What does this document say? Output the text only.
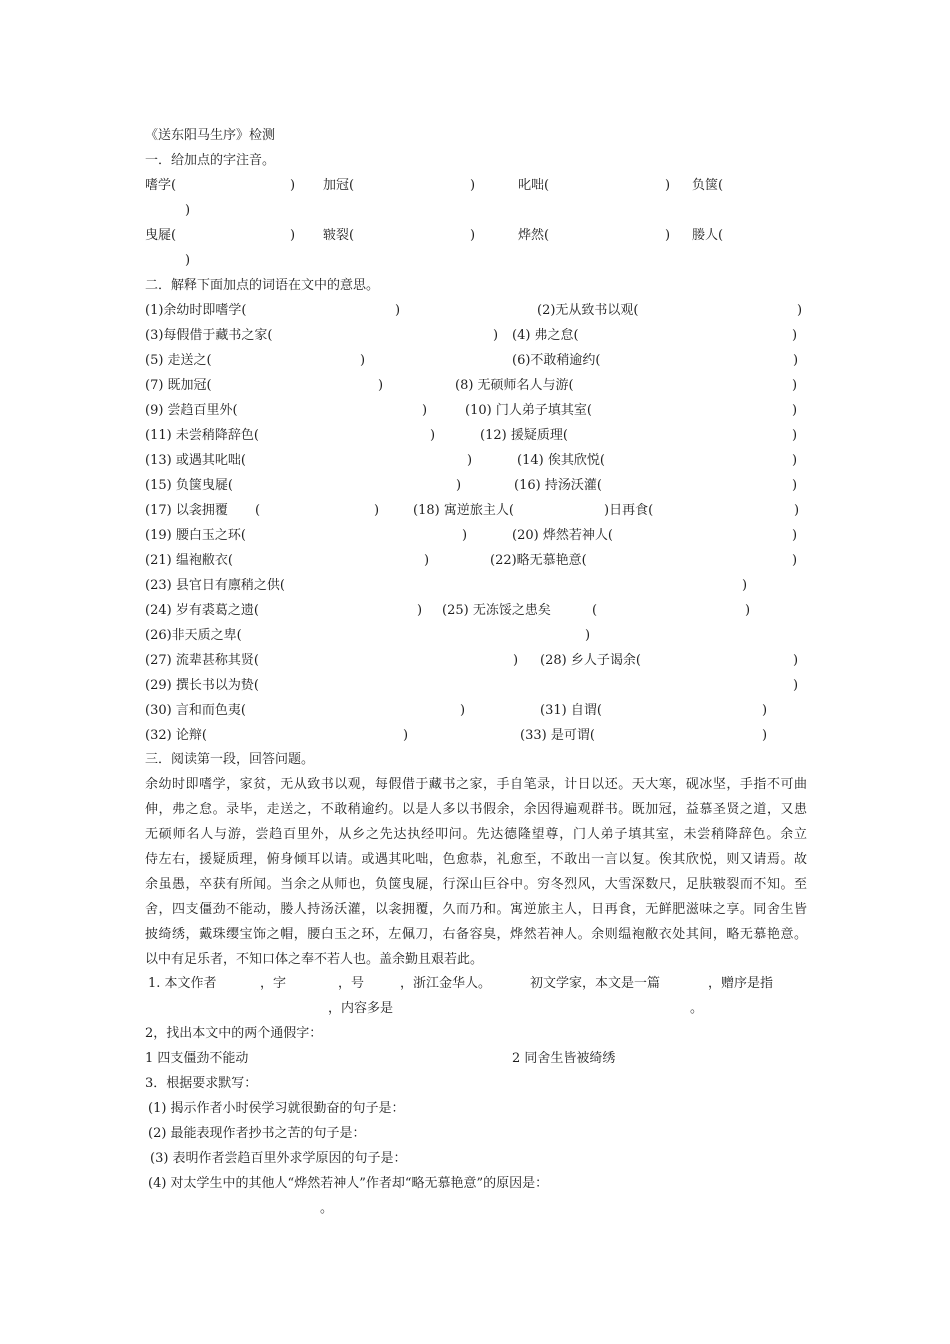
《送东阳马生序》检测
一．给加点的字注音。
嗜学(	) 加冠(	)	叱咄(	) 负箧(
)
曳屣(	) 皲裂(	)	烨然(	) 媵人(
)
二．解释下面加点的词语在文中的意思。
(1)余幼时即嗜学(	)	(2)无从致书以观(	)
(3)每假借于藏书之家(	) (4) 弗之怠(	)
(5) 走送之(	)	(6)不敢稍逾约(	)
(7) 既加冠(	)	(8) 无硕师名人与游(	)
(9) 尝趋百里外(	)	(10) 门人弟子填其室(	)
(11) 未尝稍降辞色(	)	(12) 援疑质理(	)
(13) 或遇其叱咄(	)	(14) 俟其欣悦(	)
(15) 负箧曳屣(	)	(16) 持汤沃灌(	)
(17) 以衾拥覆 (	)	(18) 寓逆旅主人(	)日再食(	)
(19) 腰白玉之环(	)	(20) 烨然若神人(	)
(21) 缊袍敝衣(	)	(22)略无慕艳意(	)
(23) 县官日有廪稍之供(	)
(24) 岁有裘葛之遗(	) (25) 无冻馁之患矣	(	)
(26)非天质之卑(	)
(27) 流辈甚称其贤(	) (28) 乡人子谒余(	)
(29) 撰长书以为贽(	)
(30) 言和而色夷(	)	(31) 自谓(	)
(32) 论辩(	)	(33) 是可谓(	)
三．阅读第一段，回答问题。
余幼时即嗜学，家贫，无从致书以观，每假借于藏书之家，手自笔录，计日以还。天大寒，砚冰坚，手指不可曲
伸，弗之怠。录毕，走送之，不敢稍逾约。以是人多以书假余，余因得遍观群书。既加冠，益慕圣贤之道，又患
无硕师名人与游，尝趋百里外，从乡之先达执经叩问。先达德隆望尊，门人弟子填其室，未尝稍降辞色。余立
侍左右，援疑质理，俯身倾耳以请。或遇其叱咄，色愈恭，礼愈至，不敢出一言以复。俟其欣悦，则又请焉。故
余虽愚，卒获有所闻。当余之从师也，负箧曳屣，行深山巨谷中。穷冬烈风，大雪深数尺，足肤皲裂而不知。至
舍，四支僵劲不能动，媵人持汤沃灌，以衾拥覆，久而乃和。寓逆旅主人，日再食，无鲜肥滋味之享。同舍生皆
披绮绣，戴珠缨宝饰之帽，腰白玉之环，左佩刀，右备容臭，烨然若神人。余则缊袍敝衣处其间，略无慕艳意。
以中有足乐者，不知口体之奉不若人也。盖余勤且艰若此。
1. 本文作者	，字	，号	，浙江金华人。	初文学家，本文是一篇	，赠序是指
，内容多是	。
2，找出本文中的两个通假字：
1 四支僵劲不能动	2 同舍生皆被绮绣
3．根据要求默写：
(1) 揭示作者小时侯学习就很勤奋的句子是：
(2) 最能表现作者抄书之苦的句子是：
(3) 表明作者尝趋百里外求学原因的句子是：
(4) 对太学生中的其他人“烨然若神人”作者却“略无慕艳意”的原因是：
。
